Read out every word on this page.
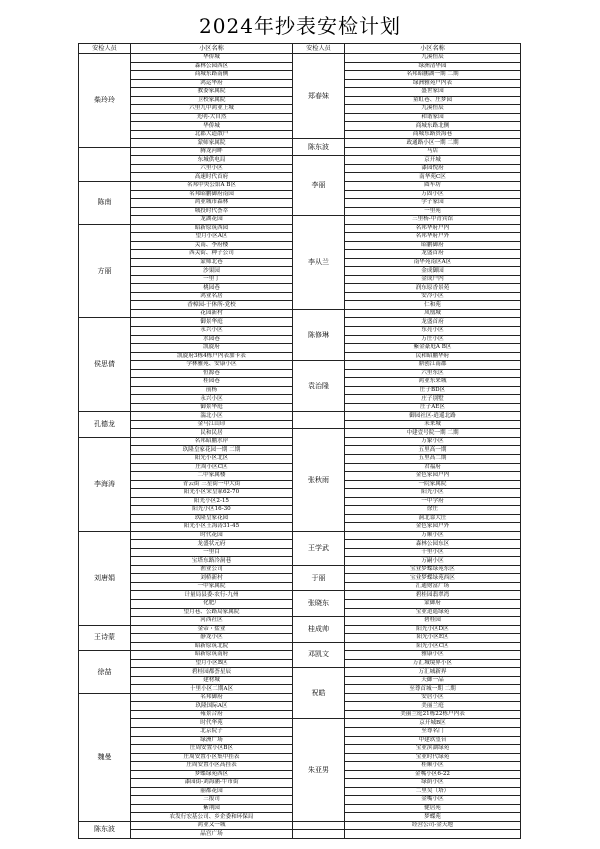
2024年抄表安检计划
安检人员	小区名称	安检人员	小区名称
柴玲玲	华侨城	郑春妹	九溪恒辰
	森林公园西区		绿洲清华园
	商城东路南侧		名邦昭鹏湖一期 二期
	鸿运华府		绿洲雅苑户内表
	教委家属院		盛世家园
	卫校家属院		童虹巷、庄梦园
	六里九中鸿业上城		九溪恒辰
	光明-大自然		和谐家园
	华侨城		商城东路北侧
	北郡大道散户		商城东路贵海巷
	蒙师家属院	陈东波	政通路小区一期 二期
	腾龙河畔		马店
	东城供电局	李丽	京开城
	六里小区		漆园悦府
	高速时代首府		南华苑C区
陈南	名邦中央公馆A B区		圆车坊
	名邦昭鹏御府南园		万固小区
	鸿业城市森林		学子家园
	城投时代荟萃		一里苑
	龙湖花园	李从兰	三里杨-中青宾馆
方丽	昭新原筑西园		名邦华府户内
	望月小区A区		名邦华府户外
	关南、李府楼		昭鹏御府
	西关街、种子公司		龙盛首府
	蒙师北巷		南华苑南区A区
	沙果园		金成御园
	一里丁		金成户内
	桃园巷		润东原香景苑
	鸿业名居		安冷小区
	香樟园-于休所-党校		仁和苑
	花园新村	陈修琳	凤凰城
侯思倩	御景华庭		龙盛首府
	永兴小区		东亮小区
	水园巷		万庄小区
	凯旋府		紫金豪庭A B区
	凯旋府3栋4栋户内表加卡表		民和昭鹏华府
	学林雅苑、安康小区	袁治隆	鼎创江南郡
	恒源巷		六里东区
	桂园巷		鸿业东来城
	前杨		庄子BD区
	永兴小区		庄子别墅
	御景华庭		庄子AE区
孔德龙	湍北小区		御园社区-逍遥北路
	金马江山印		未来城
	民和民居	张秋雨	中建壹号院一期 二期
李海涛	名邦昭鹏水岸		万象小区
	玖隆皇家花园一期 二期		五里高一期
	阳光小区北区		五里高二期
	庄周小区C区		君福府
	二中家属楼		金色家园户内
	青云街 三星街一中大街		一院家属院
	阳光小区宋皇冢62-70		阳光小区
	阳光小区2-15		一中学府
	阳光小区16-30		徐庄
	玖隆皇家花园		洞北靠大庄
	阳光小区王海涛31-45		金色家园户外
刘唐娟	时代花园	王学武	万顺小区
	龙盛状元府		森林公园东区
	一里白		十里小区
	宝塔东路冷洞巷		万嗣小区
	渔业公司	于丽	宝业梦蝶绿苑东区
	刘桥新村		宝业梦蝶绿苑西区
	一中家属院		汇通财富广场
	计量局县委-农行-九州	张晓东	碧桂园翡翠湾
	化肥厂		蒙御府
	望月巷、公路局家属院		宝业逍遥绿苑
	河西社区	桂成帅	碧桂园
王诗蒙	金帝・盐业		阳光小区D区
	静龙小区		阳光小区E区
	昭新原筑北院	邓凯文	阳光小区C区
徐喆	昭新原筑南府		雅康小区
	望月小区B区		万汇城境界小区
	碧桂园都荟星辰	祝皓	万汇城新界
	建材城		天御一品
	十里小区二期A区		至尊首城一期 二期
魏曼	名邦御府		安居小区
	玖隆国际A区		美丽兰庭
	雍景合府		美丽兰庭21栋22栋户内表
	时代华苑	朱亚男	京开城B区
	北京院子		至尊名门
	绿洲广场		中建玖玺台
	庄周安置小区B区		宝业滨湖绿苑
	庄周安置小区集中挂表		宝业时代绿苑
	庄周安置小区高挂表		桂顺小区
	梦蝶绿苑西区		金嘴小区6-22
	漆园街-刘海涵-牛市街		绿荫小区
	丽都花园		二里吴（塔）
	三报司		金嘴小区
	紫荆园		健居苑
	农发行宏基公司、乡企委和环保局		梦蝶苑
陈东波	鸿业又一城		经营公司-金天地
	晶宫广场		
